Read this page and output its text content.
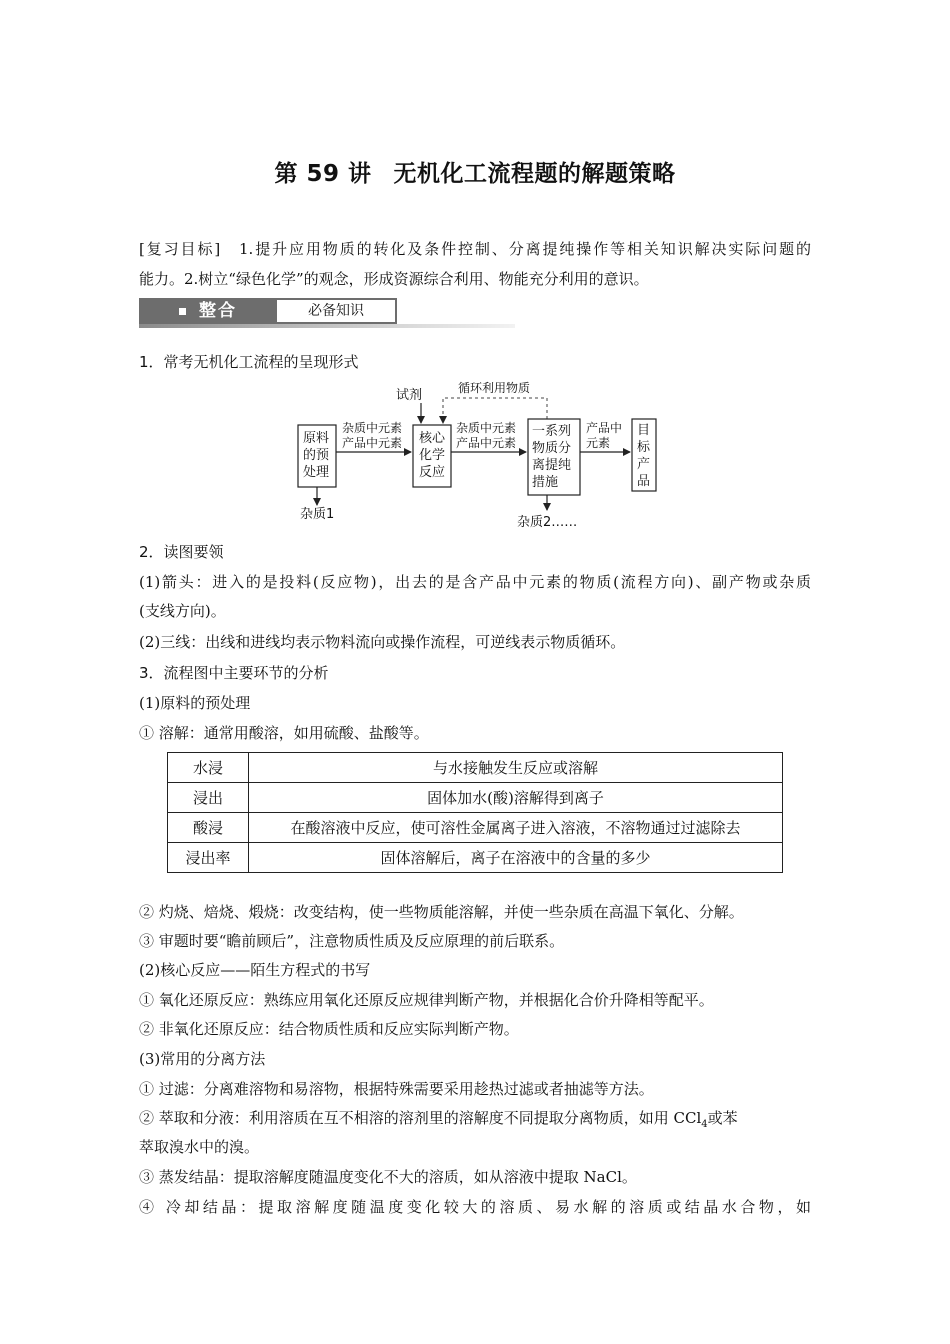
第 59 讲 无机化工流程题的解题策略
[复习目标]　1.提升应用物质的转化及条件控制、分离提纯操作等相关知识解决实际问题的
能力。2.树立“绿色化学”的观念，形成资源综合利用、物能充分利用的意识。
整合	必备知识
1．常考无机化工流程的呈现形式
试剂	循环利用物质
原料
的预
处理
杂质中元素
产品中元素
杂质1
核心
化学
反应
杂质中元素
产品中元素
一系列
物质分
离提纯
措施
杂质2……
产品中
元素
目
标
产
品
2．读图要领
(1)箭头：进入的是投料(反应物)，出去的是含产品中元素的物质(流程方向)、副产物或杂质
(支线方向)。
(2)三线：出线和进线均表示物料流向或操作流程，可逆线表示物质循环。
3．流程图中主要环节的分析
(1)原料的预处理
① 溶解：通常用酸溶，如用硫酸、盐酸等。
水浸	与水接触发生反应或溶解
浸出	固体加水(酸)溶解得到离子
酸浸	在酸溶液中反应，使可溶性金属离子进入溶液，不溶物通过过滤除去
浸出率	固体溶解后，离子在溶液中的含量的多少
② 灼烧、焙烧、煅烧：改变结构，使一些物质能溶解，并使一些杂质在高温下氧化、分解。
③ 审题时要“瞻前顾后”，注意物质性质及反应原理的前后联系。
(2)核心反应——陌生方程式的书写
① 氧化还原反应：熟练应用氧化还原反应规律判断产物，并根据化合价升降相等配平。
② 非氧化还原反应：结合物质性质和反应实际判断产物。
(3)常用的分离方法
① 过滤：分离难溶物和易溶物，根据特殊需要采用趁热过滤或者抽滤等方法。
② 萃取和分液：利用溶质在互不相溶的溶剂里的溶解度不同提取分离物质，如用 CCl$_4$或苯
萃取溴水中的溴。
③ 蒸发结晶：提取溶解度随温度变化不大的溶质，如从溶液中提取 NaCl。
④ 冷却结晶：提取溶解度随温度变化较大的溶质、易水解的溶质或结晶水合物，如
